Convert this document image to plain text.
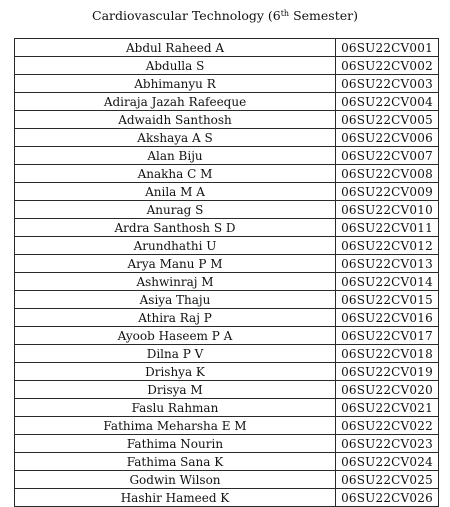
Cardiovascular Technology (6th Semester)
Abdul Raheed A	06SU22CV001
Abdulla S	06SU22CV002
Abhimanyu R	06SU22CV003
Adiraja Jazah Rafeeque	06SU22CV004
Adwaidh Santhosh	06SU22CV005
Akshaya A S	06SU22CV006
Alan Biju	06SU22CV007
Anakha C M	06SU22CV008
Anila M A	06SU22CV009
Anurag S	06SU22CV010
Ardra Santhosh S D	06SU22CV011
Arundhathi U	06SU22CV012
Arya Manu P M	06SU22CV013
Ashwinraj M	06SU22CV014
Asiya Thaju	06SU22CV015
Athira Raj P	06SU22CV016
Ayoob Haseem P A	06SU22CV017
Dilna P V	06SU22CV018
Drishya K	06SU22CV019
Drisya M	06SU22CV020
Faslu Rahman	06SU22CV021
Fathima Meharsha E M	06SU22CV022
Fathima Nourin	06SU22CV023
Fathima Sana K	06SU22CV024
Godwin Wilson	06SU22CV025
Hashir Hameed K	06SU22CV026
